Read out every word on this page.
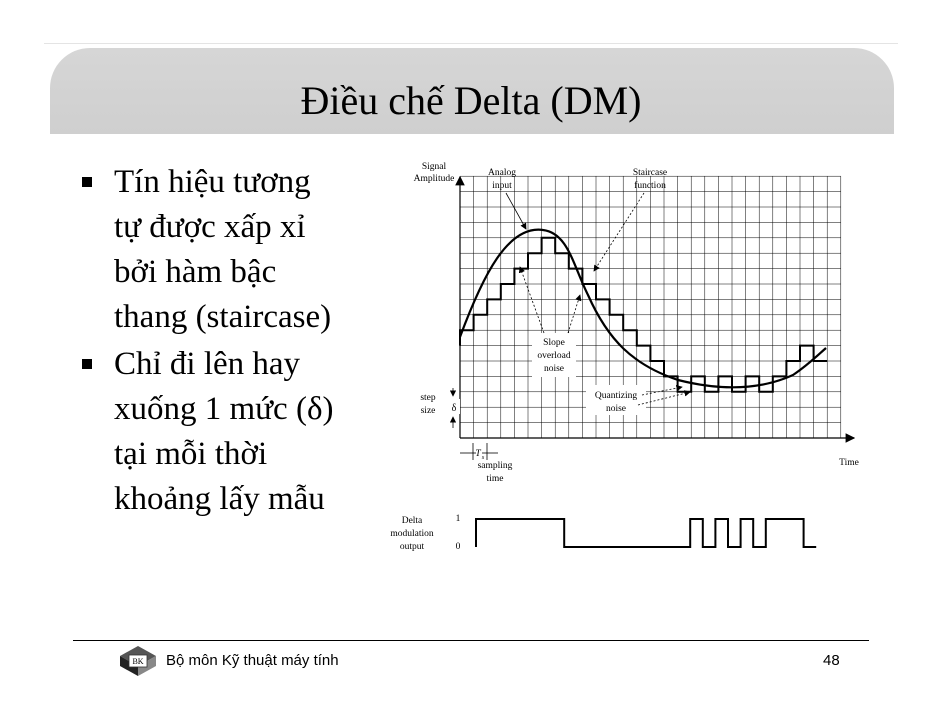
Điều chế Delta (DM)
Tín hiệu tương
tự được xấp xỉ
bởi hàm bậc
thang (staircase)
Chỉ đi lên hay
xuống 1 mức (δ)
tại mỗi thời
khoảng lấy mẫu
Signal
Amplitude
Time
Analog
input
Staircase
function
Slope
overload
noise
Quantizing
noise
step
size δ
T s
sampling
time
Delta
modulation
output
1
0
BK Bộ môn Kỹ thuật máy tính	48
